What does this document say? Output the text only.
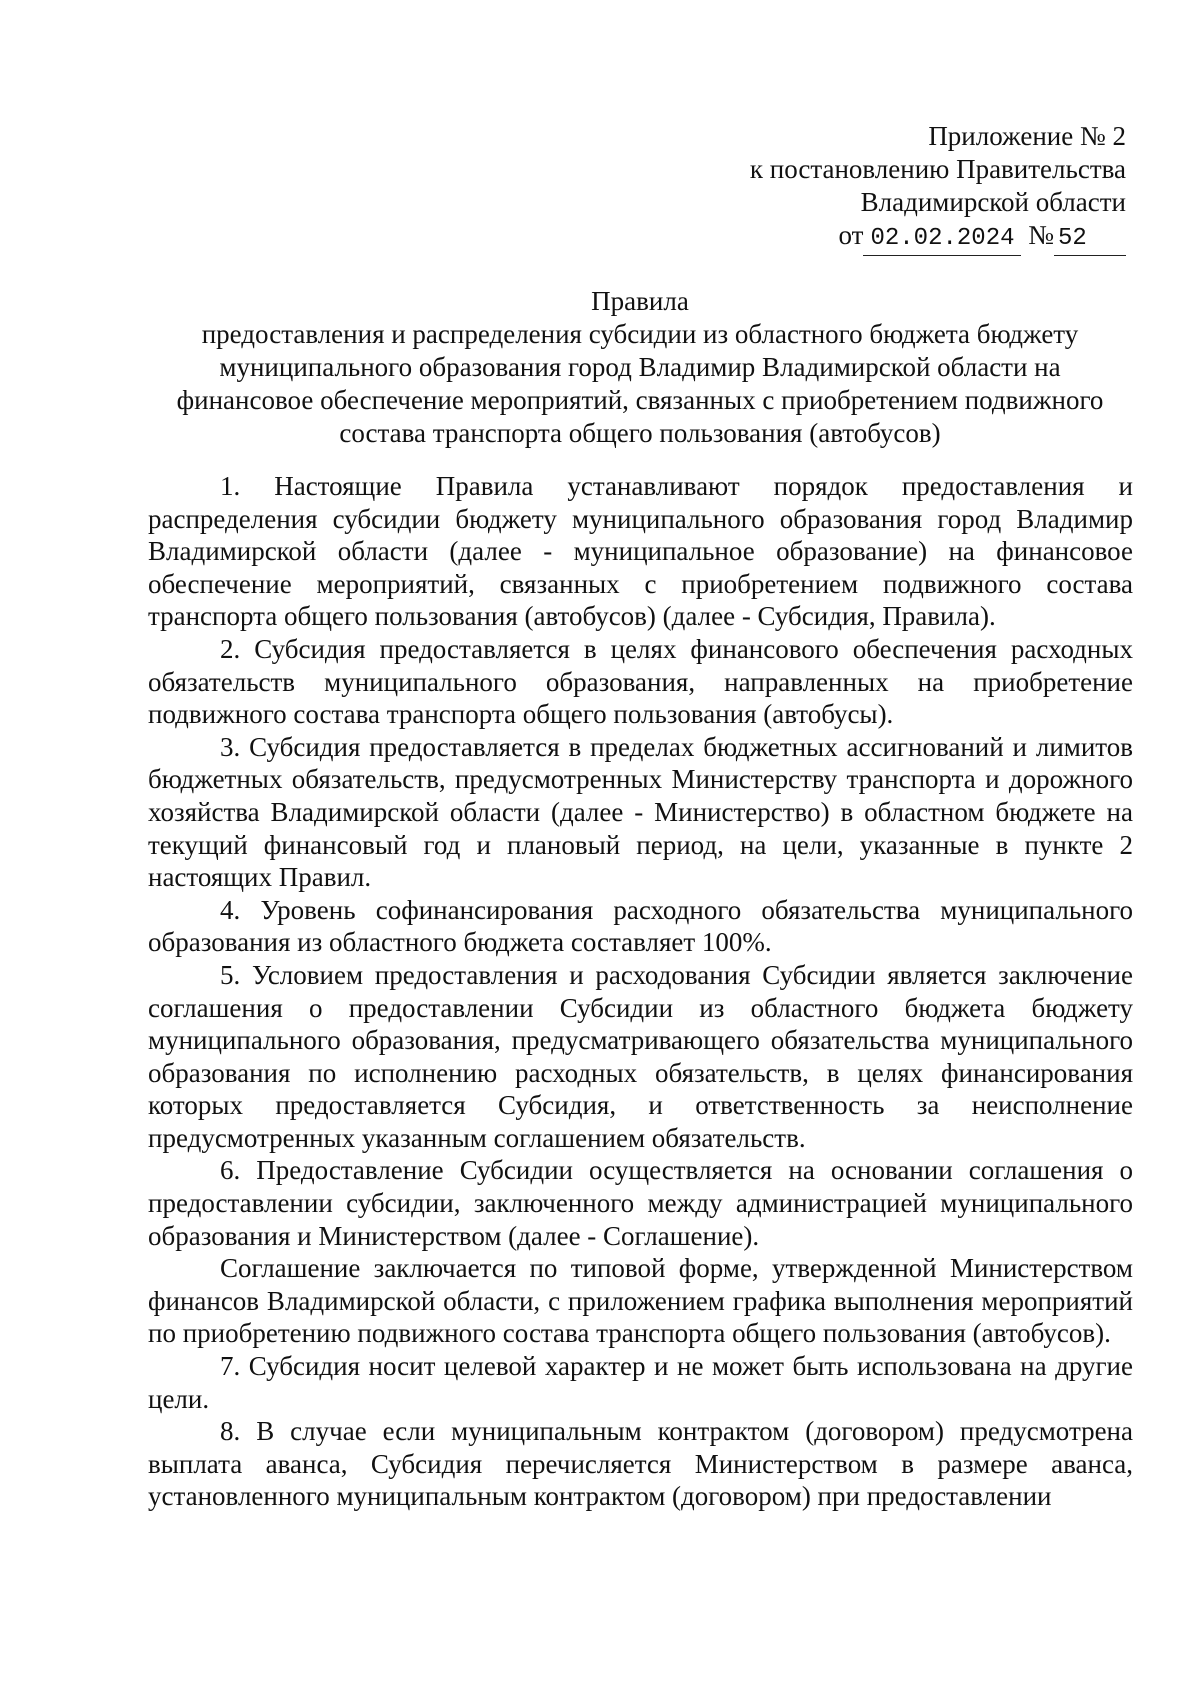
Приложение № 2
к постановлению Правительства
Владимирской области
от 02.02.2024 № 52
Правила
предоставления и распределения субсидии из областного бюджета бюджету
муниципального образования город Владимир Владимирской области на
финансовое обеспечение мероприятий, связанных с приобретением подвижного
состава транспорта общего пользования (автобусов)

1. Настоящие Правила устанавливают порядок предоставления и распределения субсидии бюджету муниципального образования город Владимир Владимирской области (далее - муниципальное образование) на финансовое обеспечение мероприятий, связанных с приобретением подвижного состава транспорта общего пользования (автобусов) (далее - Субсидия, Правила).

2. Субсидия предоставляется в целях финансового обеспечения расходных обязательств муниципального образования, направленных на приобретение подвижного состава транспорта общего пользования (автобусы).

3. Субсидия предоставляется в пределах бюджетных ассигнований и лимитов бюджетных обязательств, предусмотренных Министерству транспорта и дорожного хозяйства Владимирской области (далее - Министерство) в областном бюджете на текущий финансовый год и плановый период, на цели, указанные в пункте 2 настоящих Правил.

4. Уровень софинансирования расходного обязательства муниципального образования из областного бюджета составляет 100%.

5. Условием предоставления и расходования Субсидии является заключение соглашения о предоставлении Субсидии из областного бюджета бюджету муниципального образования, предусматривающего обязательства муниципального образования по исполнению расходных обязательств, в целях финансирования которых предоставляется Субсидия, и ответственность за неисполнение предусмотренных указанным соглашением обязательств.

6. Предоставление Субсидии осуществляется на основании соглашения о предоставлении субсидии, заключенного между администрацией муниципального образования и Министерством (далее - Соглашение).

Соглашение заключается по типовой форме, утвержденной Министерством финансов Владимирской области, с приложением графика выполнения мероприятий по приобретению подвижного состава транспорта общего пользования (автобусов).

7. Субсидия носит целевой характер и не может быть использована на другие цели.

8. В случае если муниципальным контрактом (договором) предусмотрена выплата аванса, Субсидия перечисляется Министерством в размере аванса, установленного муниципальным контрактом (договором) при предоставлении
